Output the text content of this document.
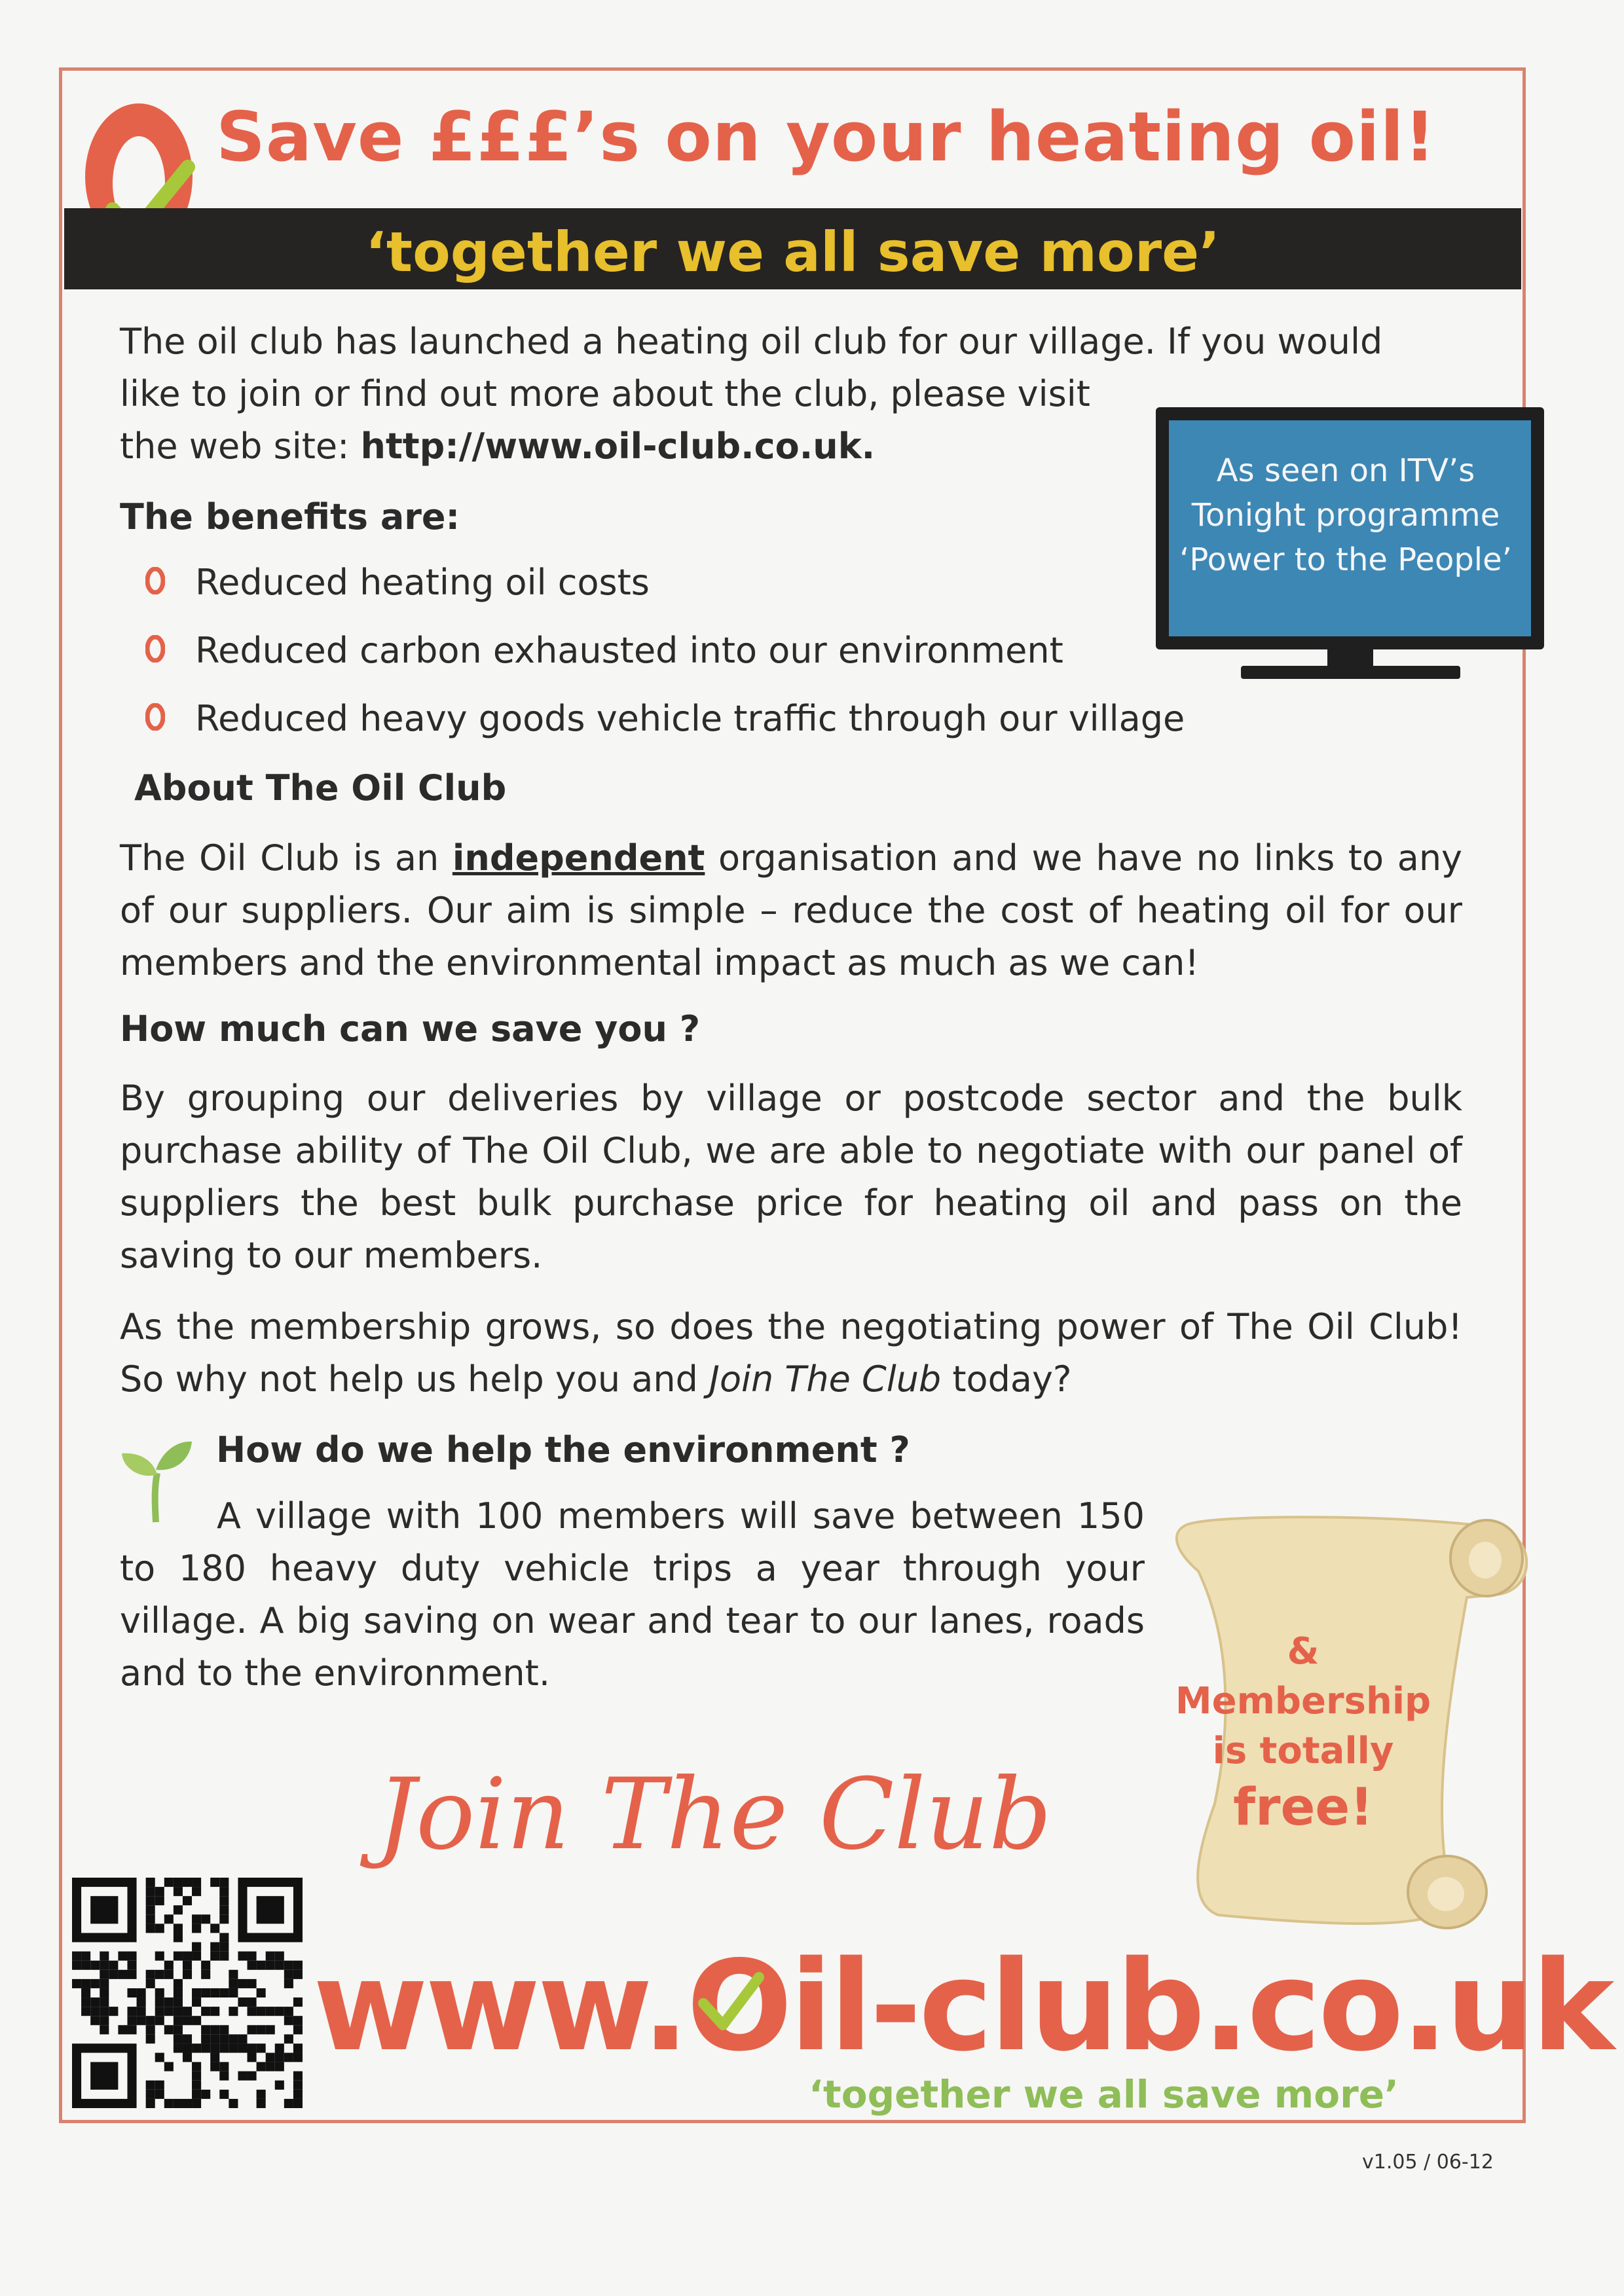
Save £££’s on your heating oil!
‘together we all save more’
The oil club has launched a heating oil club for our village. If you would
like to join or find out more about the club, please visit
the web site: http://www.oil-club.co.uk.
As seen on ITV’s
Tonight programme
‘Power to the People’
The benefits are:
Reduced heating oil costs
Reduced carbon exhausted into our environment
Reduced heavy goods vehicle traffic through our village
About The Oil Club
The Oil Club is an independent organisation and we have no links to any of our suppliers. Our aim is simple – reduce the cost of heating oil for our members and the environmental impact as much as we can!
How much can we save you ?
By grouping our deliveries by village or postcode sector and the bulk purchase ability of The Oil Club, we are able to negotiate with our panel of suppliers the best bulk purchase price for heating oil and pass on the saving to our members.
As the membership grows, so does the negotiating power of The Oil Club! So why not help us help you and Join The Club today?
How do we help the environment ?
A village with 100 members will save between 150 to 180 heavy duty vehicle trips a year through your village. A big saving on wear and tear to our lanes, roads and to the environment.
&
Membership
is totally
free!
Join The Club
www.O
il-club.co.uk
‘together we all save more’
v1.05 / 06-12
